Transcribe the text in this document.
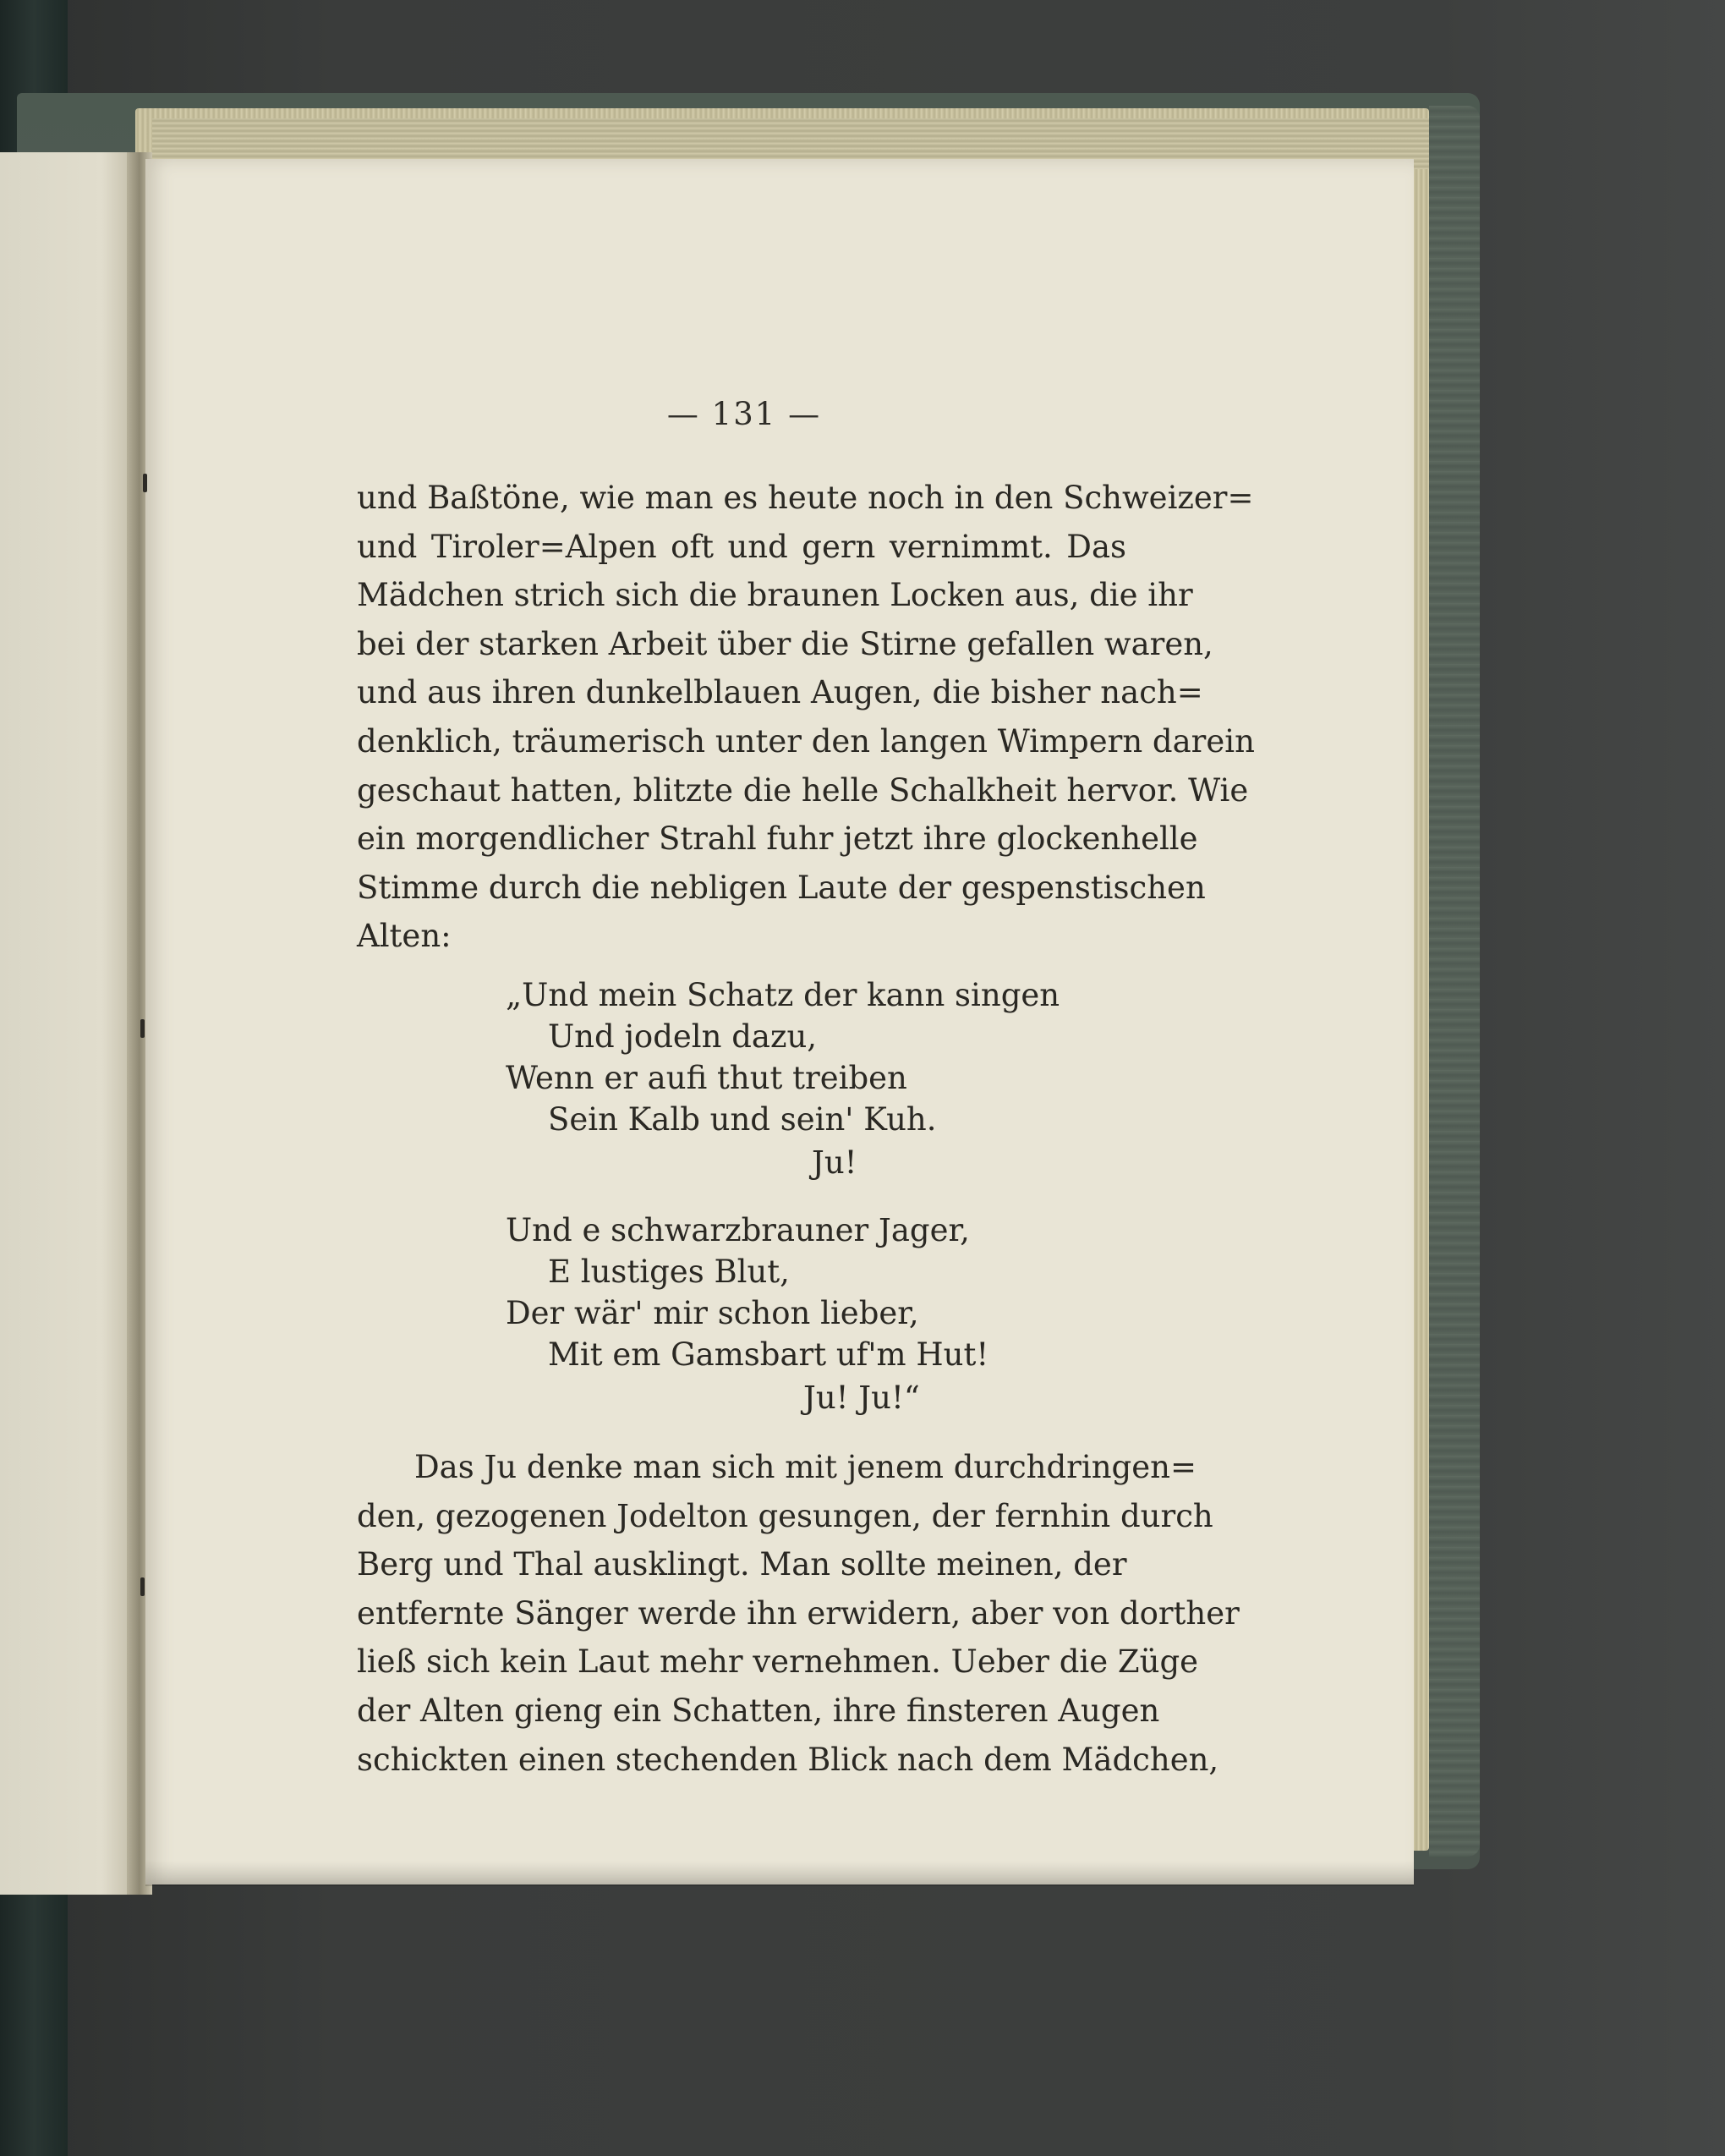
— 131 —
und Baßtöne, wie man es heute noch in den Schweizer=
und Tiroler=Alpen oft und gern vernimmt. Das
Mädchen strich sich die braunen Locken aus, die ihr
bei der starken Arbeit über die Stirne gefallen waren,
und aus ihren dunkelblauen Augen, die bisher nach=
denklich, träumerisch unter den langen Wimpern darein
geschaut hatten, blitzte die helle Schalkheit hervor. Wie
ein morgendlicher Strahl fuhr jetzt ihre glockenhelle
Stimme durch die nebligen Laute der gespenstischen
Alten:
„Und mein Schatz der kann singen
Und jodeln dazu,
Wenn er aufi thut treiben
Sein Kalb und sein' Kuh.
Ju!
Und e schwarzbrauner Jager,
E lustiges Blut,
Der wär' mir schon lieber,
Mit em Gamsbart uf'm Hut!
Ju! Ju!“
Das Ju denke man sich mit jenem durchdringen=
den, gezogenen Jodelton gesungen, der fernhin durch
Berg und Thal ausklingt. Man sollte meinen, der
entfernte Sänger werde ihn erwidern, aber von dorther
ließ sich kein Laut mehr vernehmen. Ueber die Züge
der Alten gieng ein Schatten, ihre finsteren Augen
schickten einen stechenden Blick nach dem Mädchen,
